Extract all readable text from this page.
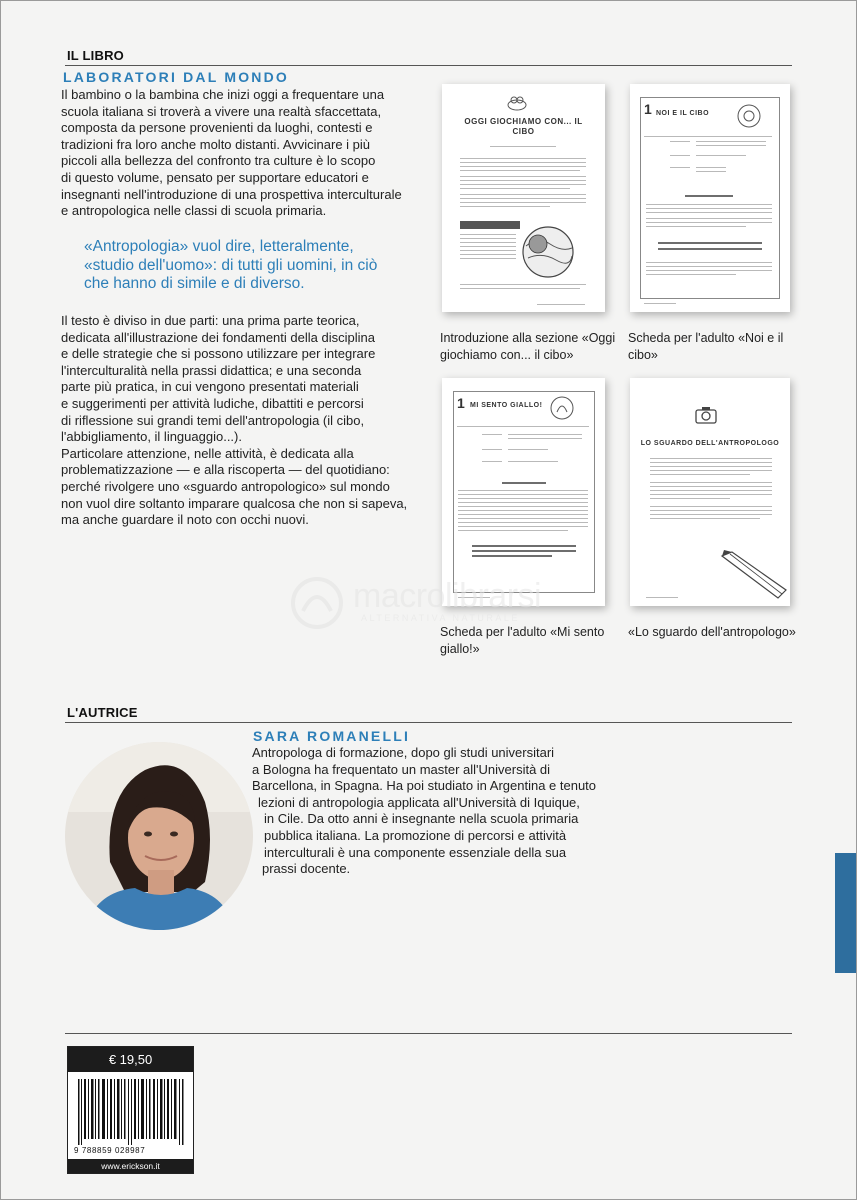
IL LIBRO
LABORATORI DAL MONDO
Il bambino o la bambina che inizi oggi a frequentare una
scuola italiana si troverà a vivere una realtà sfaccettata,
composta da persone provenienti da luoghi, contesti e
tradizioni fra loro anche molto distanti. Avvicinare i più
piccoli alla bellezza del confronto tra culture è lo scopo
di questo volume, pensato per supportare educatori e
insegnanti nell'introduzione di una prospettiva interculturale
e antropologica nelle classi di scuola primaria.
«Antropologia» vuol dire, letteralmente,
«studio dell'uomo»: di tutti gli uomini, in ciò
che hanno di simile e di diverso.
Il testo è diviso in due parti: una prima parte teorica,
dedicata all'illustrazione dei fondamenti della disciplina
e delle strategie che si possono utilizzare per integrare
l'interculturalità nella prassi didattica; e una seconda
parte più pratica, in cui vengono presentati materiali
e suggerimenti per attività ludiche, dibattiti e percorsi
di riflessione sui grandi temi dell'antropologia (il cibo,
l'abbigliamento, il linguaggio...).
Particolare attenzione, nelle attività, è dedicata alla
problematizzazione — e alla riscoperta — del quotidiano:
perché rivolgere uno «sguardo antropologico» sul mondo
non vuol dire soltanto imparare qualcosa che non si sapeva,
ma anche guardare il noto con occhi nuovi.
OGGI GIOCHIAMO CON... IL CIBO
1 NOI E IL CIBO
1 MI SENTO GIALLO!
LO SGUARDO DELL'ANTROPOLOGO
Introduzione alla sezione «Oggi
giochiamo con... il cibo»
Scheda per l'adulto «Noi e il
cibo»
Scheda per l'adulto «Mi sento
giallo!»
«Lo sguardo dell'antropologo»
macrolibrarsi
ALTERNATIVA NATURALE
L'AUTRICE
SARA ROMANELLI
Antropologa di formazione, dopo gli studi universitari
a Bologna ha frequentato un master all'Università di
Barcellona, in Spagna. Ha poi studiato in Argentina e tenuto
lezioni di antropologia applicata all'Università di Iquique,
in Cile. Da otto anni è insegnante nella scuola primaria
pubblica italiana. La promozione di percorsi e attività
interculturali è una componente essenziale della sua
prassi docente.
€ 19,50
9 788859 028987
www.erickson.it
